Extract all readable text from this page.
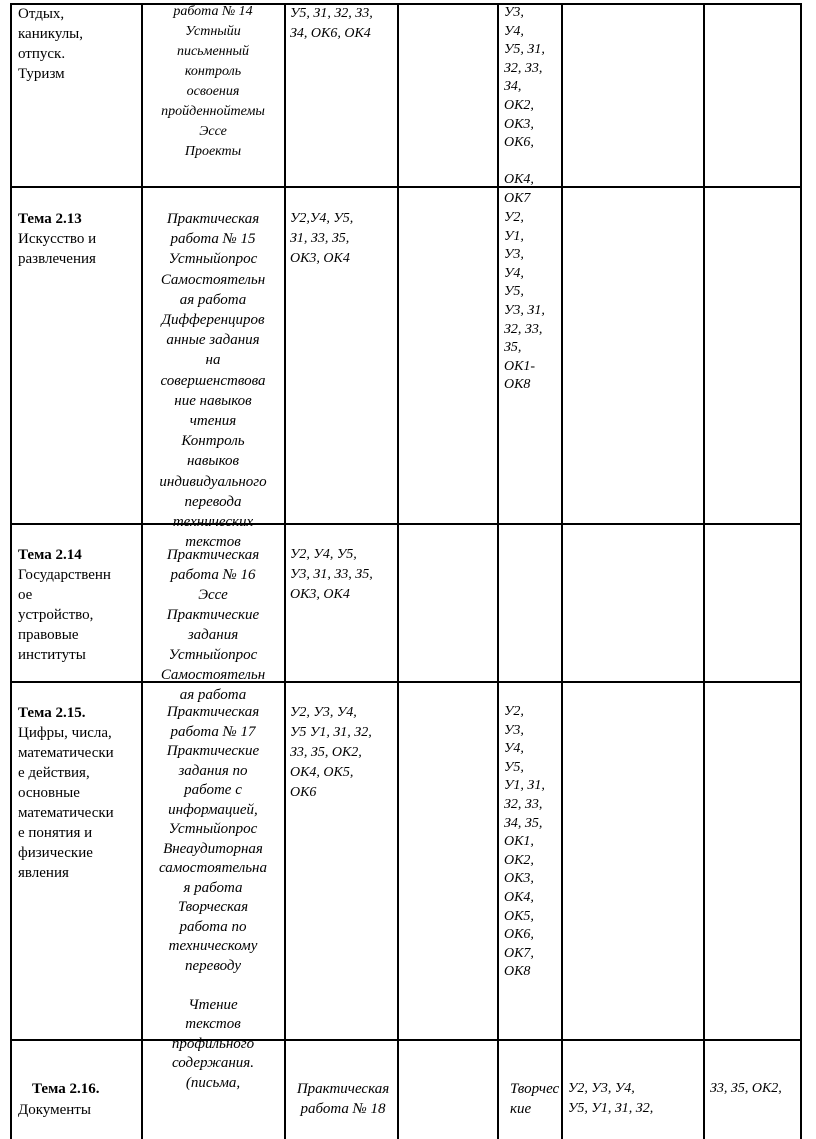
Отдых,
каникулы,
отпуск.
Туризм
работа № 14
Устныйи
письменный
контроль
освоения
пройденнойтемы
Эссе
Проекты
У5, З1, З2, З3,
З4, ОК6, ОК4
У3,
У4,
У5, З1,
З2, З3,
З4,
ОК2,
ОК3,
ОК6,

ОК4,
ОК7
Тема 2.13
Искусство и
развлечения
Практическая
работа № 15
Устныйопрос
Самостоятельн
ая работа
Дифференциров
анные задания
на
совершенствова
ние навыков
чтения
Контроль
навыков
индивидуального
перевода
технических
текстов
У2,У4, У5,
З1, З3, З5,
ОК3, ОК4
У2,
У1,
У3,
У4,
У5,
У3, З1,
З2, З3,
З5,
ОК1-
ОК8
Тема 2.14
Государственн
ое
устройство,
правовые
институты
Практическая
работа № 16
Эссе
Практические
задания
Устныйопрос
Самостоятельн
ая работа
У2, У4, У5,
У3, З1, З3, З5,
ОК3, ОК4
Тема 2.15.
Цифры, числа,
математически
е действия,
основные
математически
е понятия и
физические
явления
Практическая
работа № 17
Практические
задания по
работе с
информацией,
Устныйопрос
Внеаудиторная
самостоятельна
я работа
Творческая
работа по
техническому
переводу

Чтение
текстов
профильного
содержания.
(письма,
У2, У3, У4,
У5 У1, З1, З2,
З3, З5, ОК2,
ОК4, ОК5,
ОК6
У2,
У3,
У4,
У5,
У1, З1,
З2, З3,
З4, З5,
ОК1,
ОК2,
ОК3,
ОК4,
ОК5,
ОК6,
ОК7,
ОК8
Тема 2.16.
Документы
Практическая
работа № 18
Творчес
кие
У2, У3, У4,
У5, У1, З1, З2,
З3, З5, ОК2,
